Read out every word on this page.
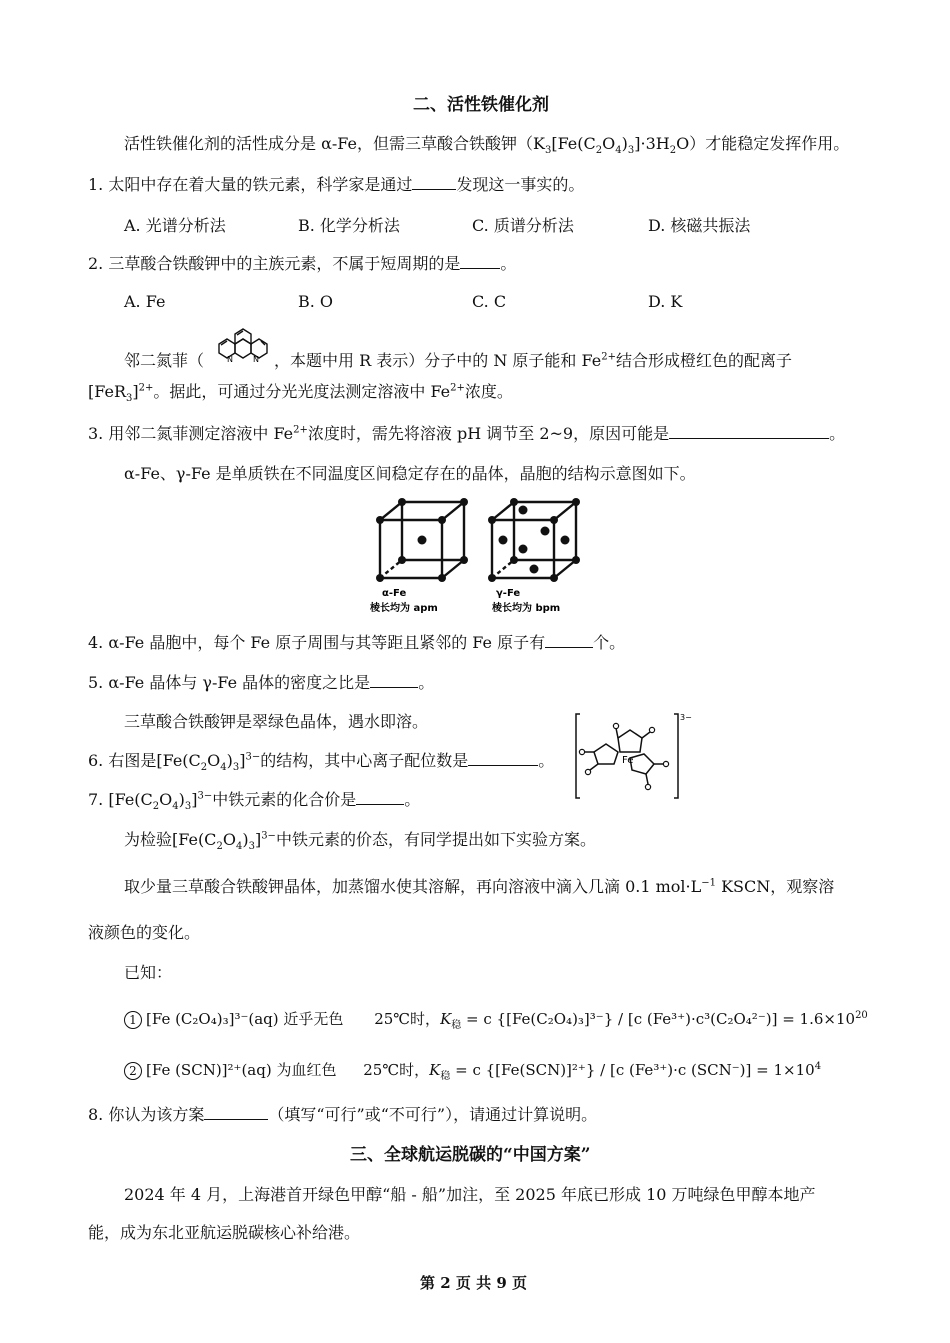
二、活性铁催化剂
活性铁催化剂的活性成分是 α-Fe，但需三草酸合铁酸钾$(K_3[Fe(C_2O_4)_3]\cdot 3H_2O)$才能稳定发挥作用。
1. 太阳中存在着大量的铁元素，科学家是通过	发现这一事实的。
A. 光谱分析法	B. 化学分析法	C. 质谱分析法	D. 核磁共振法
2. 三草酸合铁酸钾中的主族元素，不属于短周期的是	。
A. Fe	B. O	C. C	D. K
邻二氮菲（	，本题中用 R 表示）分子中的 N 原子能和 $Fe^{2+}$结合形成橙红色的配离子
N	N
$[FeR_3]^{2+}$。据此，可通过分光光度法测定溶液中 $Fe^{2+}$浓度。
3. 用邻二氮菲测定溶液中 $Fe^{2+}$浓度时，需先将溶液 pH 调节至 2~9，原因可能是	。
α-Fe、γ-Fe 是单质铁在不同温度区间稳定存在的晶体，晶胞的结构示意图如下。
α-Fe
棱长均为 apm
γ-Fe
棱长均为 bpm
4. α-Fe 晶胞中，每个 Fe 原子周围与其等距且紧邻的 Fe 原子有	个。
5. α-Fe 晶体与 γ-Fe 晶体的密度之比是	。
三草酸合铁酸钾是翠绿色晶体，遇水即溶。
6. 右图是$[Fe(C_2O_4)_3]^{3-}$的结构，其中心离子配位数是	。
7. $[Fe(C_2O_4)_3]^{3-}$中铁元素的化合价是	。
Fe
3−
为检验$[Fe(C_2O_4)_3]^{3-}$中铁元素的价态，有同学提出如下实验方案。
取少量三草酸合铁酸钾晶体，加蒸馏水使其溶解，再向溶液中滴入几滴 0.1 $mol\cdot L^{-1}$ KSCN，观察溶
液颜色的变化。
已知：
1 [Fe (C₂O₄)₃]³⁻(aq) 近乎无色 25℃时，$K_稳 = c$ {[Fe(C₂O₄)₃]³⁻} / [c $(Fe^{3+})\cdot c^3(C_2O_4^{2-})] = 1.6\times 10^{20}$
2 [Fe (SCN)]²⁺(aq) 为血红色 25℃时，$K_稳 = c$ {[Fe(SCN)]²⁺} / [c (Fe³⁺)·c $(SCN^-)] = 1\times 10^4$
8. 你认为该方案	（填写“可行”或“不可行”），请通过计算说明。
三、全球航运脱碳的“中国方案”
2024 年 4 月，上海港首开绿色甲醇“船 - 船”加注，至 2025 年底已形成 10 万吨绿色甲醇本地产
能，成为东北亚航运脱碳核心补给港。
第 2 页 共 9 页
